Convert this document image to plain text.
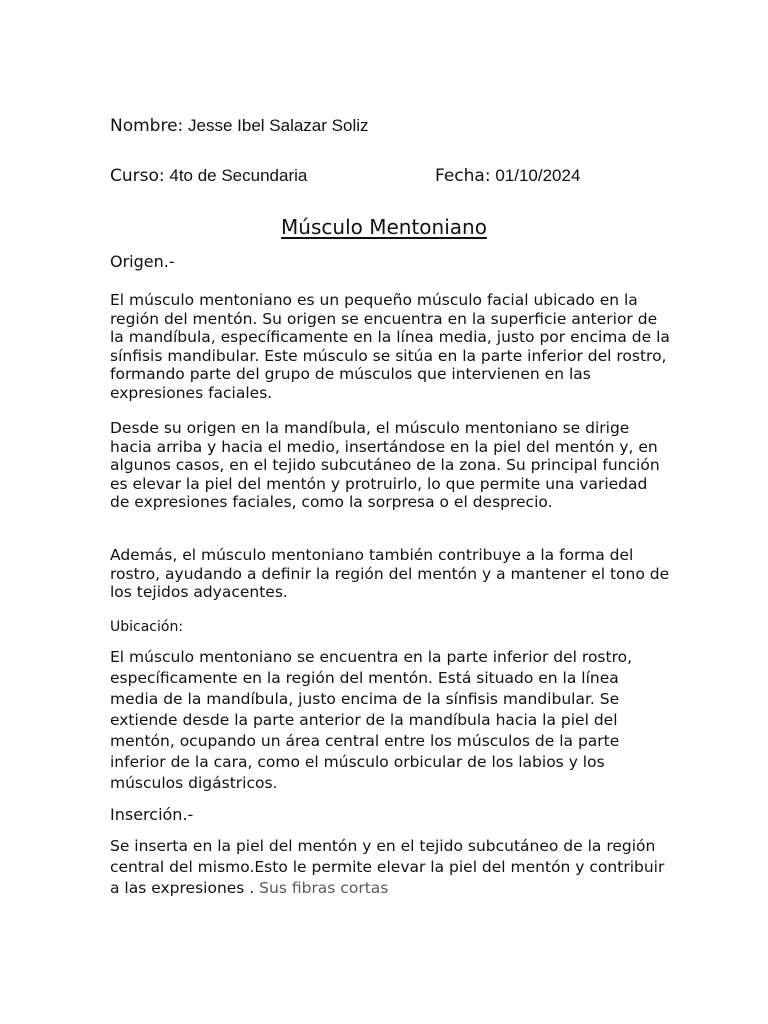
Nombre: Jesse Ibel Salazar Soliz
Curso: 4to de Secundaria	Fecha: 01/10/2024
Músculo Mentoniano
Origen.-

El músculo mentoniano es un pequeño músculo facial ubicado en la región del mentón. Su origen se encuentra en la superficie anterior de la mandíbula, específicamente en la línea media, justo por encima de la sínfisis mandibular. Este músculo se sitúa en la parte inferior del rostro, formando parte del grupo de músculos que intervienen en las expresiones faciales.

Desde su origen en la mandíbula, el músculo mentoniano se dirige hacia arriba y hacia el medio, insertándose en la piel del mentón y, en algunos casos, en el tejido subcutáneo de la zona. Su principal función es elevar la piel del mentón y protruirlo, lo que permite una variedad de expresiones faciales, como la sorpresa o el desprecio.

Además, el músculo mentoniano también contribuye a la forma del rostro, ayudando a definir la región del mentón y a mantener el tono de los tejidos adyacentes.

Ubicación:

El músculo mentoniano se encuentra en la parte inferior del rostro, específicamente en la región del mentón. Está situado en la línea media de la mandíbula, justo encima de la sínfisis mandibular. Se extiende desde la parte anterior de la mandíbula hacia la piel del mentón, ocupando un área central entre los músculos de la parte inferior de la cara, como el músculo orbicular de los labios y los músculos digástricos.

Inserción.-

Se inserta en la piel del mentón y en el tejido subcutáneo de la región central del mismo.Esto le permite elevar la piel del mentón y contribuir a las expresiones . Sus fibras cortas
